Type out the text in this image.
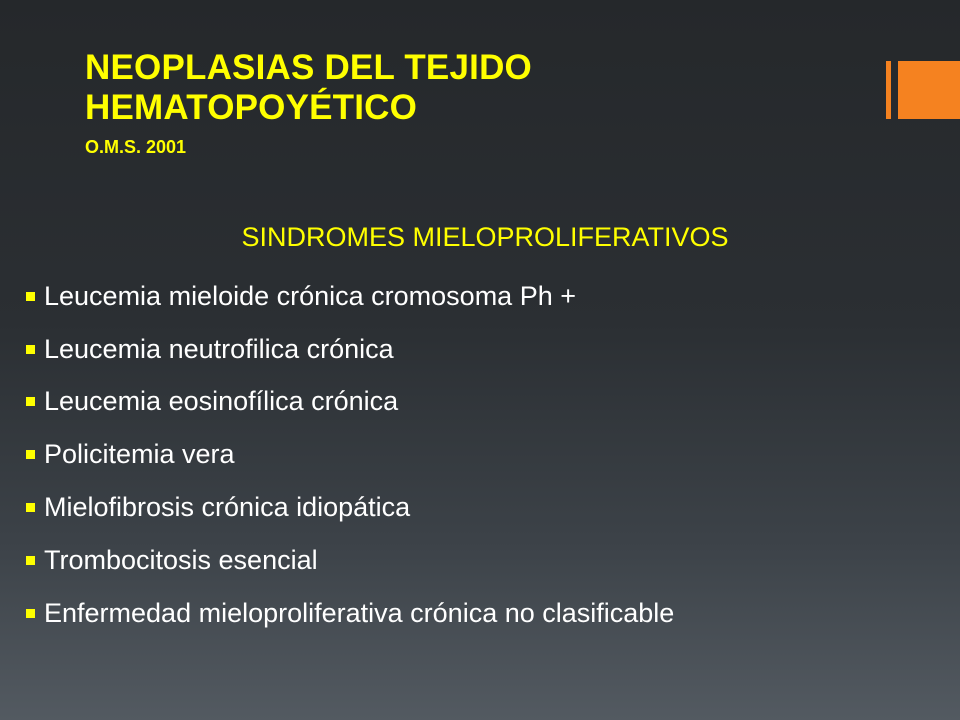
NEOPLASIAS DEL TEJIDO
HEMATOPOYÉTICO
O.M.S. 2001
SINDROMES MIELOPROLIFERATIVOS
Leucemia mieloide crónica cromosoma Ph +
Leucemia neutrofilica crónica
Leucemia eosinofílica crónica
Policitemia vera
Mielofibrosis crónica idiopática
Trombocitosis esencial
Enfermedad mieloproliferativa crónica no clasificable
